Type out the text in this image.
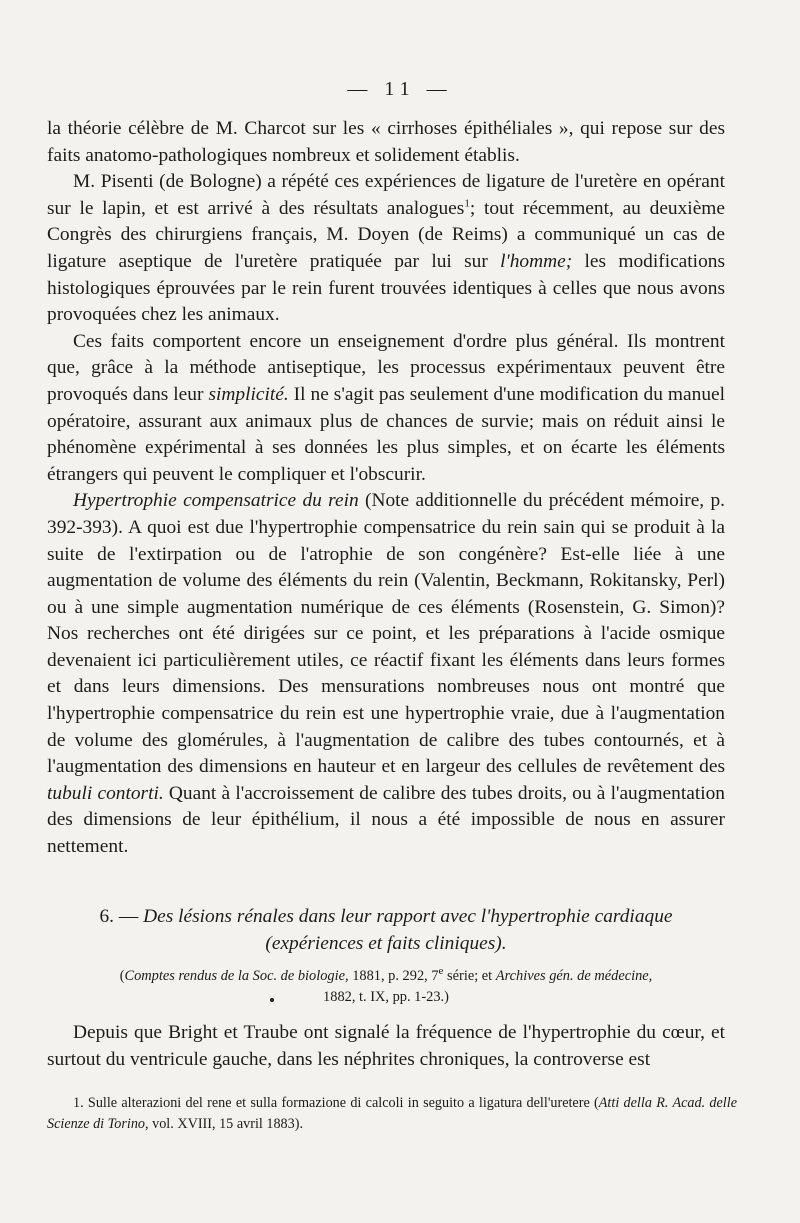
— 11 —

la théorie célèbre de M. Charcot sur les « cirrhoses épithéliales », qui repose sur des faits anatomo-pathologiques nombreux et solidement établis.

M. Pisenti (de Bologne) a répété ces expériences de ligature de l'uretère en opérant sur le lapin, et est arrivé à des résultats analogues$^1$; tout récemment, au deuxième Congrès des chirurgiens français, M. Doyen (de Reims) a communiqué un cas de ligature aseptique de l'uretère pratiquée par lui sur l'homme; les modifications histologiques éprouvées par le rein furent trouvées identiques à celles que nous avons provoquées chez les animaux.

Ces faits comportent encore un enseignement d'ordre plus général. Ils montrent que, grâce à la méthode antiseptique, les processus expérimentaux peuvent être provoqués dans leur simplicité. Il ne s'agit pas seulement d'une modification du manuel opératoire, assurant aux animaux plus de chances de survie; mais on réduit ainsi le phénomène expérimental à ses données les plus simples, et on écarte les éléments étrangers qui peuvent le compliquer et l'obscurir.

Hypertrophie compensatrice du rein (Note additionnelle du précédent mémoire, p. 392-393). A quoi est due l'hypertrophie compensatrice du rein sain qui se produit à la suite de l'extirpation ou de l'atrophie de son congénère? Est-elle liée à une augmentation de volume des éléments du rein (Valentin, Beckmann, Rokitansky, Perl) ou à une simple augmentation numérique de ces éléments (Rosenstein, G. Simon)? Nos recherches ont été dirigées sur ce point, et les préparations à l'acide osmique devenaient ici particulièrement utiles, ce réactif fixant les éléments dans leurs formes et dans leurs dimensions. Des mensurations nombreuses nous ont montré que l'hypertrophie compensatrice du rein est une hypertrophie vraie, due à l'augmentation de volume des glomérules, à l'augmentation de calibre des tubes contournés, et à l'augmentation des dimensions en hauteur et en largeur des cellules de revêtement des tubuli contorti. Quant à l'accroissement de calibre des tubes droits, ou à l'augmentation des dimensions de leur épithélium, il nous a été impossible de nous en assurer nettement.

6. — Des lésions rénales dans leur rapport avec l'hypertrophie cardiaque
(expériences et faits cliniques).
(Comptes rendus de la Soc. de biologie, 1881, p. 292, 7e série; et Archives gén. de médecine,
1882, t. IX, pp. 1-23.)

Depuis que Bright et Traube ont signalé la fréquence de l'hypertrophie du cœur, et surtout du ventricule gauche, dans les néphrites chroniques, la controverse est

1. Sulle alterazioni del rene et sulla formazione di calcoli in seguito a ligatura dell'uretere (Atti della R. Acad. delle Scienze di Torino, vol. XVIII, 15 avril 1883).
